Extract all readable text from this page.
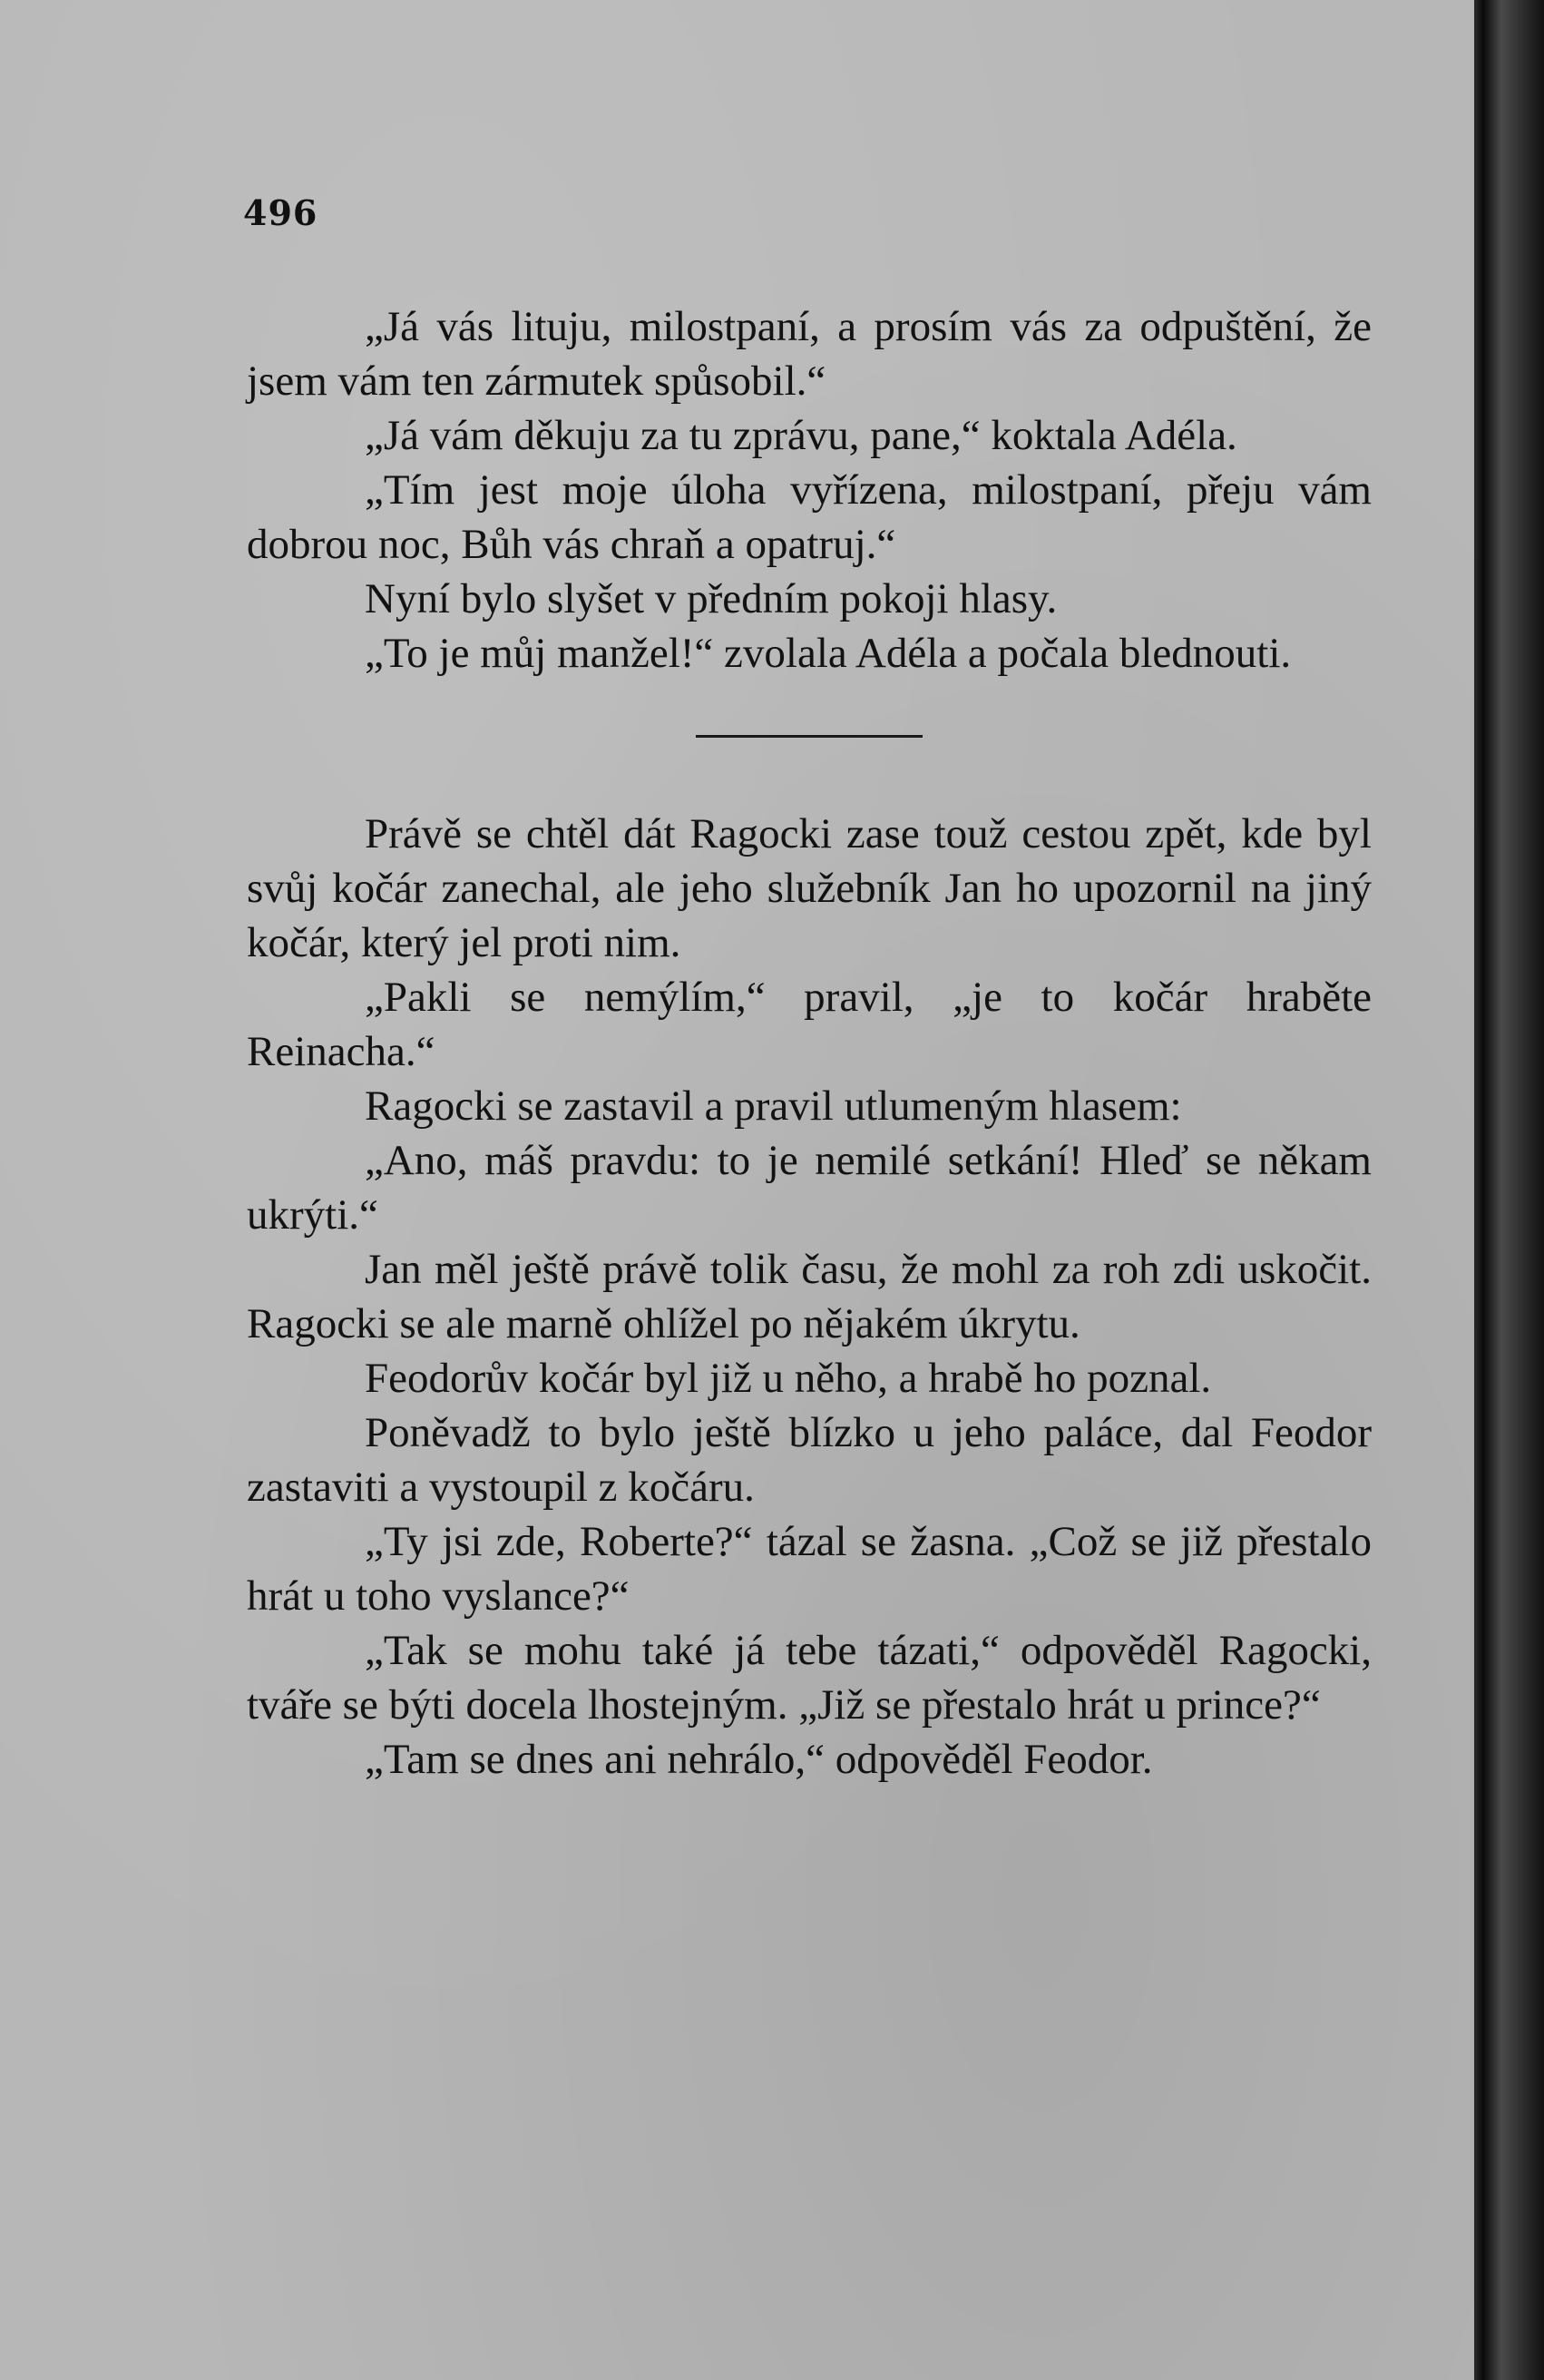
496

„Já vás lituju, milostpaní, a prosím vás za odpuštění, že jsem vám ten zármutek spůsobil.“

„Já vám děkuju za tu zprávu, pane,“ koktala Adéla.

„Tím jest moje úloha vyřízena, milostpaní, přeju vám dobrou noc, Bůh vás chraň a opatruj.“

Nyní bylo slyšet v předním pokoji hlasy.

„To je můj manžel!“ zvolala Adéla a počala blednouti.

Právě se chtěl dát Ragocki zase touž cestou zpět, kde byl svůj kočár zanechal, ale jeho služebník Jan ho upozornil na jiný kočár, který jel proti nim.

„Pakli se nemýlím,“ pravil, „je to kočár hraběte Reinacha.“

Ragocki se zastavil a pravil utlumeným hlasem:

„Ano, máš pravdu: to je nemilé setkání! Hleď se někam ukrýti.“

Jan měl ještě právě tolik času, že mohl za roh zdi uskočit. Ragocki se ale marně ohlížel po nějakém úkrytu.

Feodorův kočár byl již u něho, a hrabě ho poznal.

Poněvadž to bylo ještě blízko u jeho paláce, dal Feodor zastaviti a vystoupil z kočáru.

„Ty jsi zde, Roberte?“ tázal se žasna. „Což se již přestalo hrát u toho vyslance?“

„Tak se mohu také já tebe tázati,“ odpověděl Ragocki, tváře se býti docela lhostejným. „Již se přestalo hrát u prince?“

„Tam se dnes ani nehrálo,“ odpověděl Feodor.
